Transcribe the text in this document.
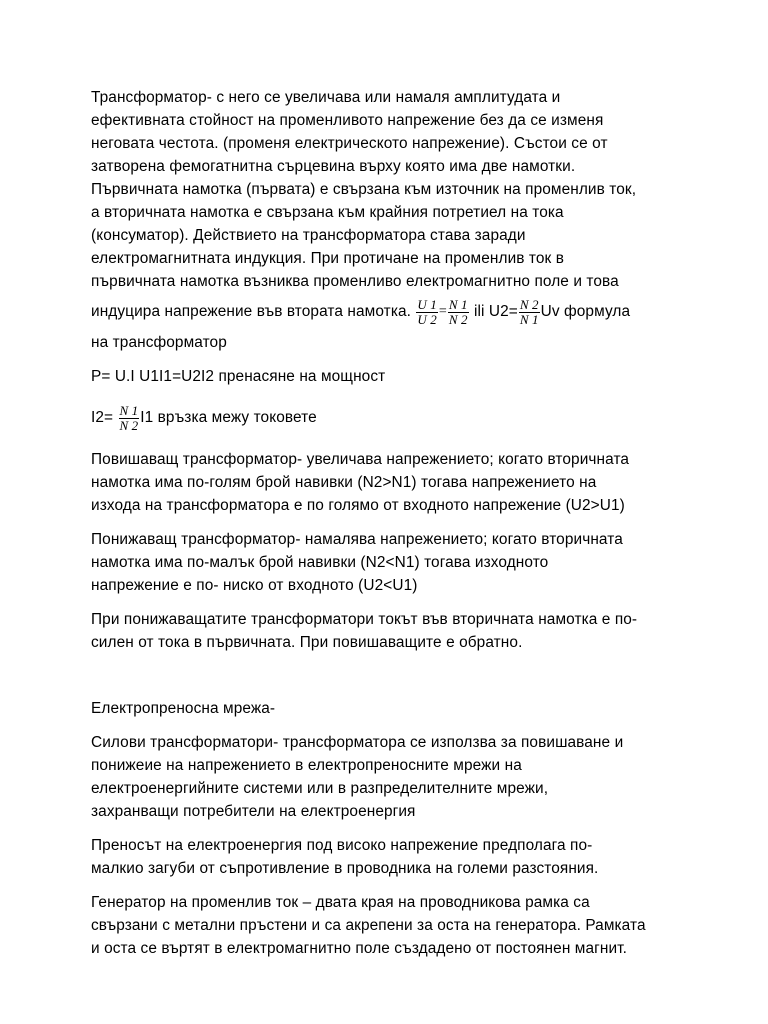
Трансформатор- с него се увеличава или намаля амплитудата и
ефективната стойност на променливото напрежение без да се изменя
неговата честота. (променя електрическото напрежение). Състои се от
затворена фемогатнитна сърцевина върху която има две намотки.
Първичната намотка (първата) е свързана към източник на променлив ток,
а вторичната намотка е свързана към крайния потретиел на тока
(консуматор). Действието на трансформатора става заради
електромагнитната индукция. При протичане на променлив ток в
първичната намотка възниква променливо електромагнитно поле и това
индуцира напрежение във втората намотка. $\frac{U 1}{U 2} = \frac{N 1}{N 2}$ ili $U2= \frac{N 2}{N 1}$ Uv формула
на трансформатор

P= U.I U1I1=U2I2 пренасяне на мощност

$I2= \frac{N 1}{N 2} I1$ връзка межу токовете

Повишаващ трансформатор- увеличава напрежението; когато вторичната
намотка има по-голям брой навивки (N2>N1) тогава напрежението на
изхода на трансформатора е по голямо от входното напрежение (U2>U1)

Понижаващ трансформатор- намалява напрежението; когато вторичната
намотка има по-малък брой навивки (N2<N1) тогава изходното
напрежение е по- ниско от входното (U2<U1)

При понижаващатите трансформатори токът във вторичната намотка е по-
силен от тока в първичната. При повишаващите е обратно.

Електропреносна мрежа-

Силови трансформатори- трансформатора се използва за повишаване и
понижеие на напрежението в електропреносните мрежи на
електроенергийните системи или в разпределителните мрежи,
захранващи потребители на електроенергия

Преносът на електроенергия под високо напрежение предполага по-
малкио загуби от съпротивление в проводника на големи разстояния.

Генератор на променлив ток – двата края на проводникова рамка са
свързани с метални пръстени и са акрепени за оста на генератора. Рамката
и оста се въртят в електромагнитно поле създадено от постоянен магнит.
